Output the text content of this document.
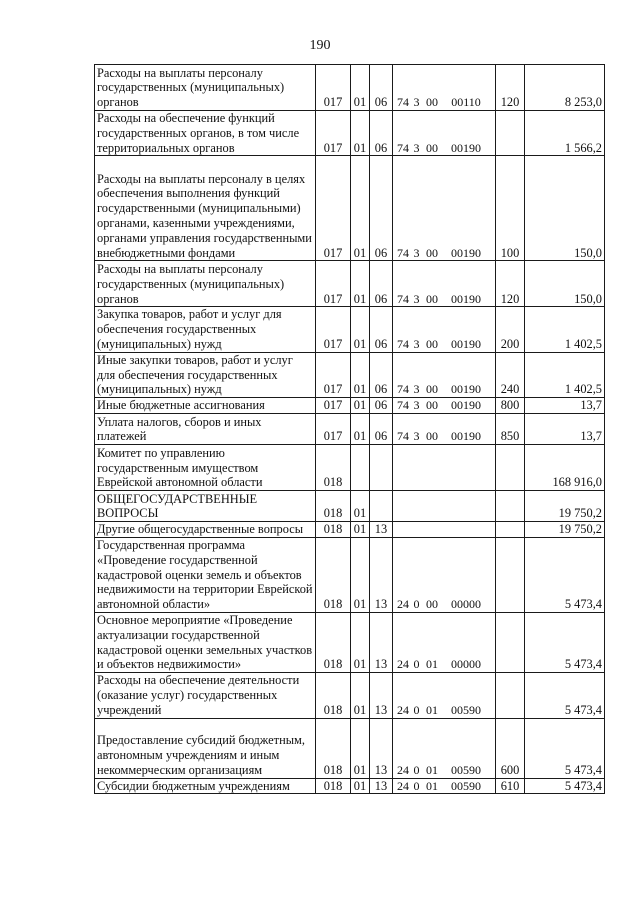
190
Расходы на выплаты персоналу государственных (муниципальных) органов	017	01	06	74 3 00 00110	120	8 253,0
Расходы на обеспечение функций государственных органов, в том числе территориальных органов	017	01	06	74 3 00 00190		1 566,2
Расходы на выплаты персоналу в целях обеспечения выполнения функций государственными (муниципальными) органами, казенными учреждениями, органами управления государственными внебюджетными фондами	017	01	06	74 3 00 00190	100	150,0
Расходы на выплаты персоналу государственных (муниципальных) органов	017	01	06	74 3 00 00190	120	150,0
Закупка товаров, работ и услуг для обеспечения государственных (муниципальных) нужд	017	01	06	74 3 00 00190	200	1 402,5
Иные закупки товаров, работ и услуг для обеспечения государственных (муниципальных) нужд	017	01	06	74 3 00 00190	240	1 402,5
Иные бюджетные ассигнования	017	01	06	74 3 00 00190	800	13,7
Уплата налогов, сборов и иных платежей	017	01	06	74 3 00 00190	850	13,7
Комитет по управлению государственным имуществом Еврейской автономной области	018					168 916,0
ОБЩЕГОСУДАРСТВЕННЫЕ ВОПРОСЫ	018	01				19 750,2
Другие общегосударственные вопросы	018	01	13			19 750,2
Государственная программа «Проведение государственной кадастровой оценки земель и объектов недвижимости на территории Еврейской автономной области»	018	01	13	24 0 00 00000		5 473,4
Основное мероприятие «Проведение актуализации государственной кадастровой оценки земельных участков и объектов недвижимости»	018	01	13	24 0 01 00000		5 473,4
Расходы на обеспечение деятельности (оказание услуг) государственных учреждений	018	01	13	24 0 01 00590		5 473,4
Предоставление субсидий бюджетным, автономным учреждениям и иным некоммерческим организациям	018	01	13	24 0 01 00590	600	5 473,4
Субсидии бюджетным учреждениям	018	01	13	24 0 01 00590	610	5 473,4
